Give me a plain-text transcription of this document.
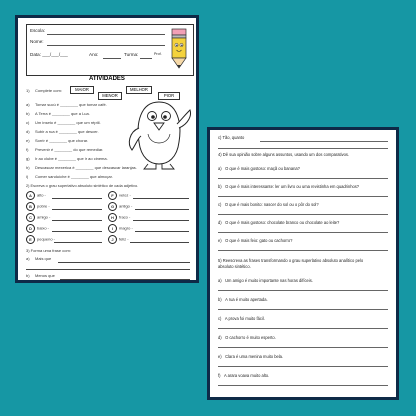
Escola:
Nome:
Data: ___/___/___	Ano:	Turma:	Prof.
ATIVIDADES
1) Complete com:	MAIOR
MENOR
MELHOR
PIOR
a) Tomar sucú é ________ que tomar café.
b) A Terra é ________ que a Lua.
c) Um inseto é ________ que um réptil.
d) Subir a rua é ________ que descer.
e) Sorrir é ________ que chorar.
f) Prevenir é ________ do que remediar.
g) Ir ao clube é ________ que ir ao cinema.
h) Descascar mexerica é ________ que descascar laranjas.
i) Comer sanduíche é ________ que almoçar.
2) Escreva o grau superlativo absoluto sintético de cada adjetivo.
A alto -
B pobre -
C amigo -
D baixo -
E pequeno -
F veloz -
G antigo -
H fraco -
I magro -
J feliz -
3) Forma uma frase com:
a) Mais que
b) Menos que
c) Tão, quanto
4) Dê sua opinião sobre alguns assuntos, usando um dos comparativos.
a) O que é mais gostoso: maçã ou banana?
b) O que é mais interessante: ler um livro ou uma revistinha em quadrinhos?
c) O que é mais bonito: nascer do sol ou o pôr do sol?
d) O que é mais gostoso: chocolate branco ou chocolate ao leite?
e) O que é mais feio: gato ou cachorro?
5) Reescreva as frases transformando o grau superlativo absoluto analítico pelo
absoluto sintético.
a) Um amigo é muito importante nas horas difíceis.
b) A rua é muito apertada.
c) A prova foi muito fácil.
d) O cachorro é muito esperto.
e) Clara é uma menina muito bela.
f) A arara voava muito alto.
